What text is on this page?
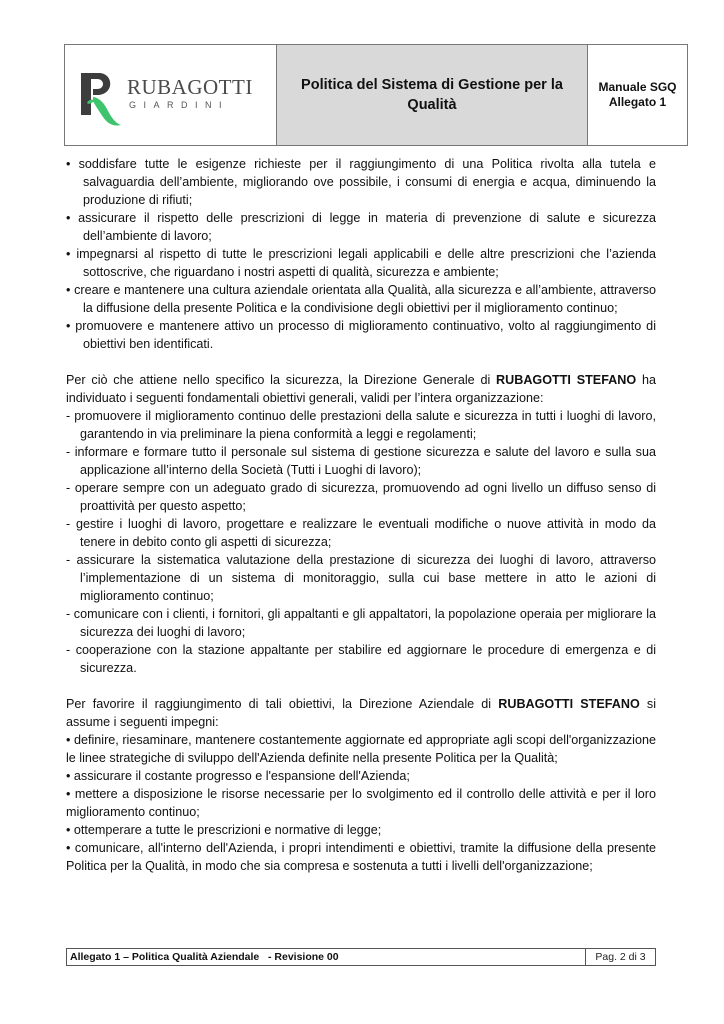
RUBAGOTTI
GIARDINI
Politica del Sistema di Gestione per la Qualità
Manuale SGQ
Allegato 1

• soddisfare tutte le esigenze richieste per il raggiungimento di una Politica rivolta alla tutela e salvaguardia dell’ambiente, migliorando ove possibile, i consumi di energia e acqua, diminuendo la produzione di rifiuti;

• assicurare il rispetto delle prescrizioni di legge in materia di prevenzione di salute e sicurezza dell’ambiente di lavoro;

• impegnarsi al rispetto di tutte le prescrizioni legali applicabili e delle altre prescrizioni che l’azienda sottoscrive, che riguardano i nostri aspetti di qualità, sicurezza e ambiente;

• creare e mantenere una cultura aziendale orientata alla Qualità, alla sicurezza e all’ambiente, attraverso la diffusione della presente Politica e la condivisione degli obiettivi per il miglioramento continuo;

• promuovere e mantenere attivo un processo di miglioramento continuativo, volto al raggiungimento di obiettivi ben identificati.

Per ciò che attiene nello specifico la sicurezza, la Direzione Generale di RUBAGOTTI STEFANO ha individuato i seguenti fondamentali obiettivi generali, validi per l’intera organizzazione:

- promuovere il miglioramento continuo delle prestazioni della salute e sicurezza in tutti i luoghi di lavoro, garantendo in via preliminare la piena conformità a leggi e regolamenti;

- informare e formare tutto il personale sul sistema di gestione sicurezza e salute del lavoro e sulla sua applicazione all’interno della Società (Tutti i Luoghi di lavoro);

- operare sempre con un adeguato grado di sicurezza, promuovendo ad ogni livello un diffuso senso di proattività per questo aspetto;

- gestire i luoghi di lavoro, progettare e realizzare le eventuali modifiche o nuove attività in modo da tenere in debito conto gli aspetti di sicurezza;

- assicurare la sistematica valutazione della prestazione di sicurezza dei luoghi di lavoro, attraverso l’implementazione di un sistema di monitoraggio, sulla cui base mettere in atto le azioni di miglioramento continuo;

- comunicare con i clienti, i fornitori, gli appaltanti e gli appaltatori, la popolazione operaia per migliorare la sicurezza dei luoghi di lavoro;

- cooperazione con la stazione appaltante per stabilire ed aggiornare le procedure di emergenza e di sicurezza.

Per favorire il raggiungimento di tali obiettivi, la Direzione Aziendale di RUBAGOTTI STEFANO si assume i seguenti impegni:

• definire, riesaminare, mantenere costantemente aggiornate ed appropriate agli scopi dell'organizzazione le linee strategiche di sviluppo dell'Azienda definite nella presente Politica per la Qualità;

• assicurare il costante progresso e l'espansione dell'Azienda;

• mettere a disposizione le risorse necessarie per lo svolgimento ed il controllo delle attività e per il loro miglioramento continuo;

• ottemperare a tutte le prescrizioni e normative di legge;

• comunicare, all'interno dell'Azienda, i propri intendimenti e obiettivi, tramite la diffusione della presente Politica per la Qualità, in modo che sia compresa e sostenuta a tutti i livelli dell'organizzazione;

Allegato 1 – Politica Qualità Aziendale   - Revisione 00	Pag. 2 di 3
